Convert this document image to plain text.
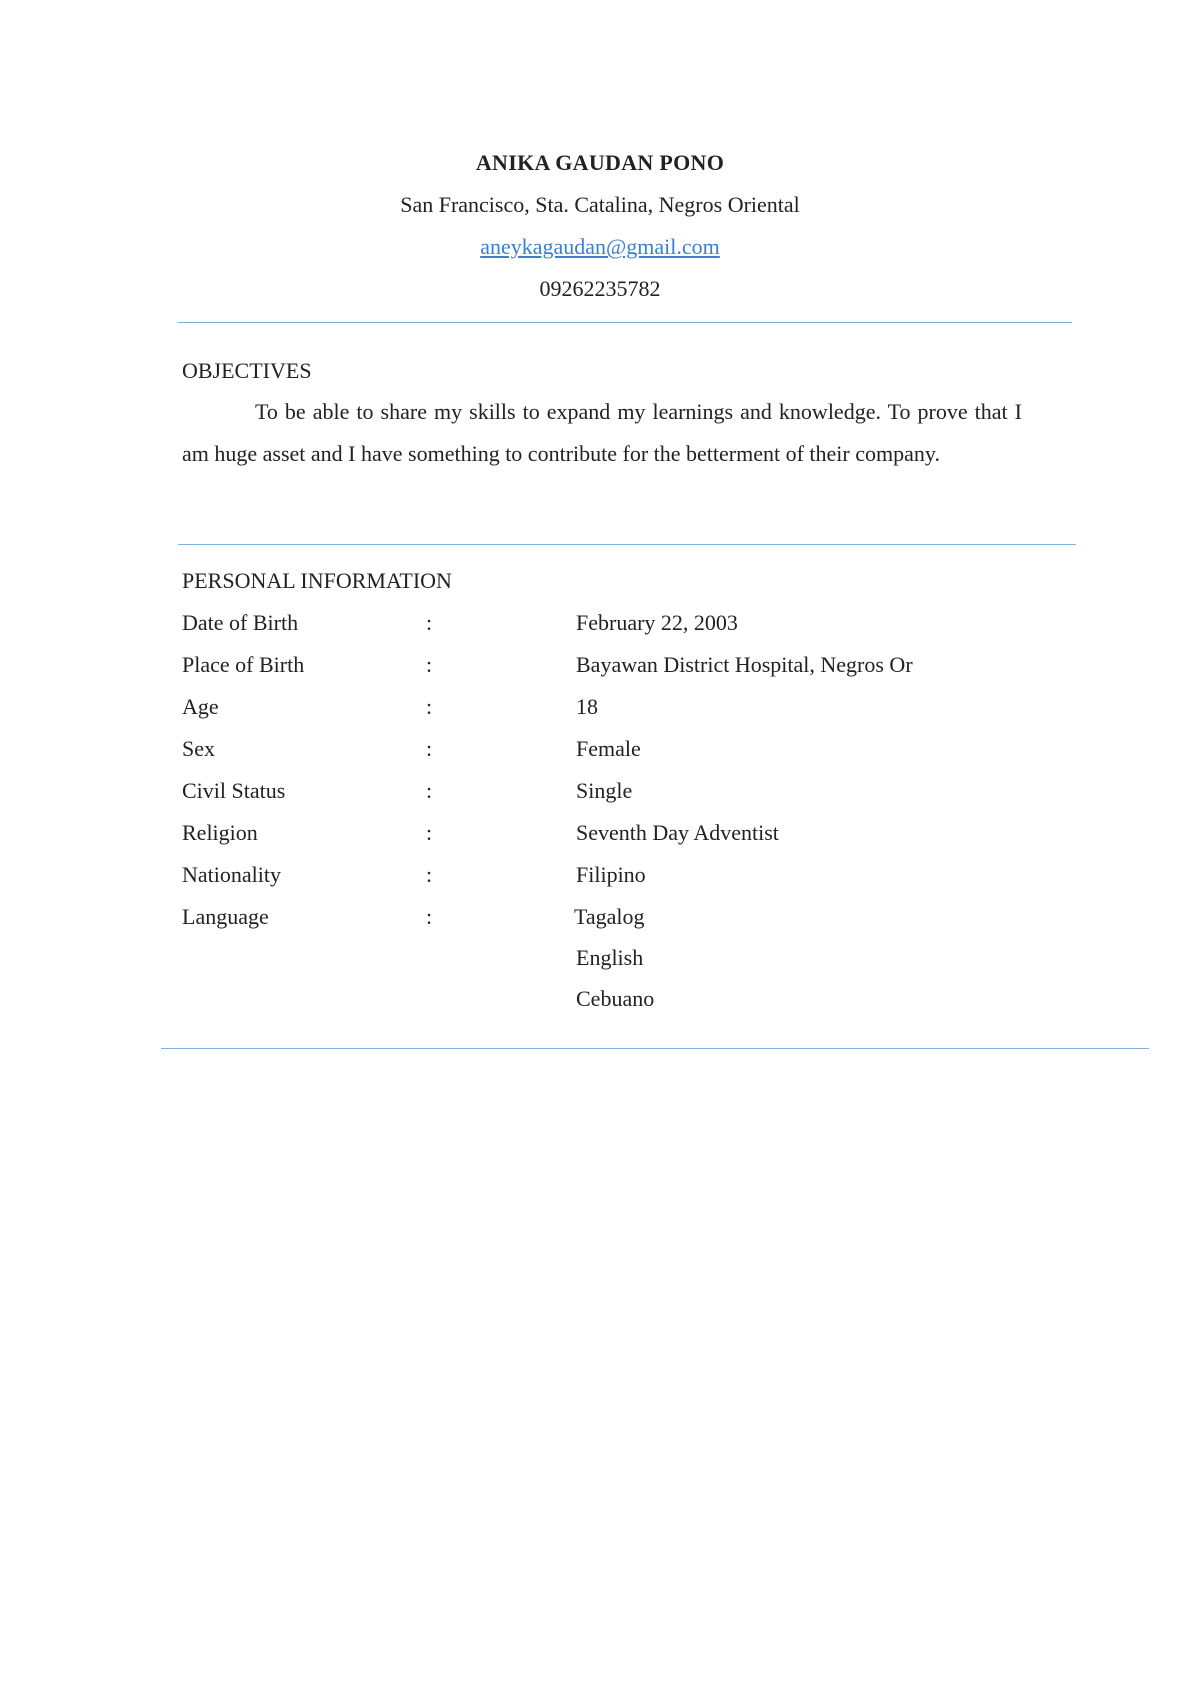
ANIKA GAUDAN PONO
San Francisco, Sta. Catalina, Negros Oriental
aneykagaudan@gmail.com
09262235782
OBJECTIVES
To be able to share my skills to expand my learnings and knowledge. To prove that I am huge asset and I have something to contribute for the betterment of their company.
PERSONAL INFORMATION
Date of Birth	:	February 22, 2003
Place of Birth	:	Bayawan District Hospital, Negros Or
Age	:	18
Sex	:	Female
Civil Status	:	Single
Religion	:	Seventh Day Adventist
Nationality	:	Filipino
Language	:	Tagalog
English
Cebuano
